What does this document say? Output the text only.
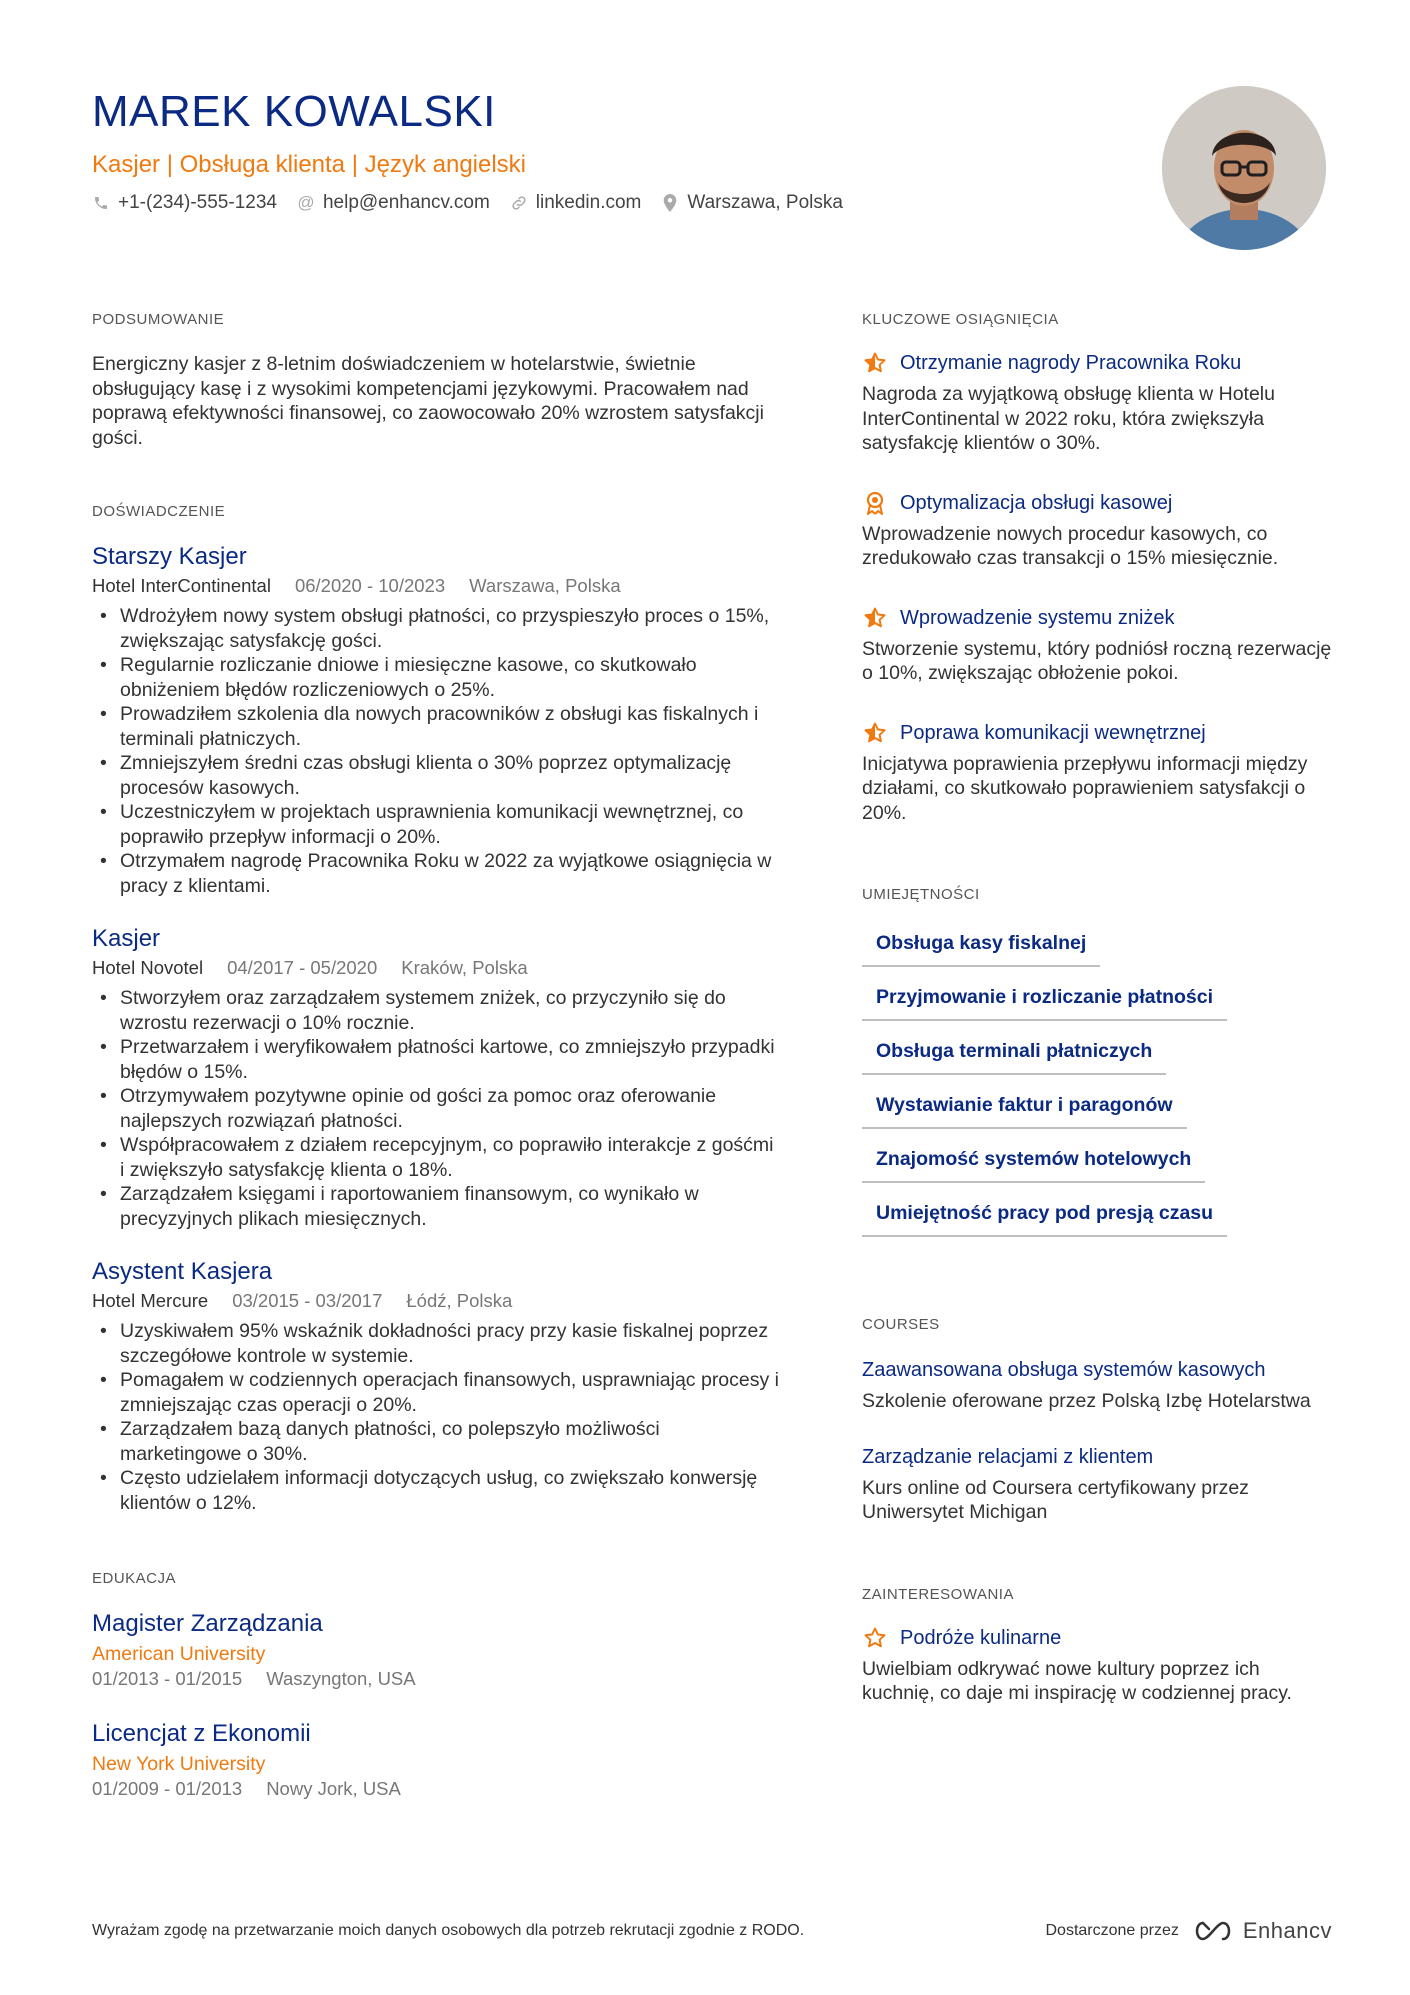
MAREK KOWALSKI
Kasjer | Obsługa klienta | Język angielski
+1-(234)-555-1234 @ help@enhancv.com linkedin.com Warszawa, Polska
PODSUMOWANIE

Energiczny kasjer z 8-letnim doświadczeniem w hotelarstwie, świetnie obsługujący kasę i z wysokimi kompetencjami językowymi. Pracowałem nad poprawą efektywności finansowej, co zaowocowało 20% wzrostem satysfakcji gości.

DOŚWIADCZENIE
Starszy Kasjer
Hotel InterContinental 06/2020 - 10/2023 Warszawa, Polska
• Wdrożyłem nowy system obsługi płatności, co przyspieszyło proces o 15%, zwiększając satysfakcję gości.
• Regularnie rozliczanie dniowe i miesięczne kasowe, co skutkowało obniżeniem błędów rozliczeniowych o 25%.
• Prowadziłem szkolenia dla nowych pracowników z obsługi kas fiskalnych i terminali płatniczych.
• Zmniejszyłem średni czas obsługi klienta o 30% poprzez optymalizację procesów kasowych.
• Uczestniczyłem w projektach usprawnienia komunikacji wewnętrznej, co poprawiło przepływ informacji o 20%.
• Otrzymałem nagrodę Pracownika Roku w 2022 za wyjątkowe osiągnięcia w pracy z klientami.
Kasjer
Hotel Novotel 04/2017 - 05/2020 Kraków, Polska
• Stworzyłem oraz zarządzałem systemem zniżek, co przyczyniło się do wzrostu rezerwacji o 10% rocznie.
• Przetwarzałem i weryfikowałem płatności kartowe, co zmniejszyło przypadki błędów o 15%.
• Otrzymywałem pozytywne opinie od gości za pomoc oraz oferowanie najlepszych rozwiązań płatności.
• Współpracowałem z działem recepcyjnym, co poprawiło interakcje z gośćmi i zwiększyło satysfakcję klienta o 18%.
• Zarządzałem księgami i raportowaniem finansowym, co wynikało w precyzyjnych plikach miesięcznych.
Asystent Kasjera
Hotel Mercure 03/2015 - 03/2017 Łódź, Polska
• Uzyskiwałem 95% wskaźnik dokładności pracy przy kasie fiskalnej poprzez szczegółowe kontrole w systemie.
• Pomagałem w codziennych operacjach finansowych, usprawniając procesy i zmniejszając czas operacji o 20%.
• Zarządzałem bazą danych płatności, co polepszyło możliwości marketingowe o 30%.
• Często udzielałem informacji dotyczących usług, co zwiększało konwersję klientów o 12%.
EDUKACJA
Magister Zarządzania
American University
01/2013 - 01/2015 Waszyngton, USA
Licencjat z Ekonomii
New York University
01/2009 - 01/2013 Nowy Jork, USA
KLUCZOWE OSIĄGNIĘCIA
Otrzymanie nagrody Pracownika Roku
Nagroda za wyjątkową obsługę klienta w Hotelu InterContinental w 2022 roku, która zwiększyła satysfakcję klientów o 30%.
Optymalizacja obsługi kasowej
Wprowadzenie nowych procedur kasowych, co zredukowało czas transakcji o 15% miesięcznie.
Wprowadzenie systemu zniżek
Stworzenie systemu, który podniósł roczną rezerwację o 10%, zwiększając obłożenie pokoi.
Poprawa komunikacji wewnętrznej
Inicjatywa poprawienia przepływu informacji między działami, co skutkowało poprawieniem satysfakcji o 20%.
UMIEJĘTNOŚCI
Obsługa kasy fiskalnej
Przyjmowanie i rozliczanie płatności
Obsługa terminali płatniczych
Wystawianie faktur i paragonów
Znajomość systemów hotelowych
Umiejętność pracy pod presją czasu
COURSES
Zaawansowana obsługa systemów kasowych
Szkolenie oferowane przez Polską Izbę Hotelarstwa
Zarządzanie relacjami z klientem
Kurs online od Coursera certyfikowany przez Uniwersytet Michigan
ZAINTERESOWANIA
Podróże kulinarne
Uwielbiam odkrywać nowe kultury poprzez ich kuchnię, co daje mi inspirację w codziennej pracy.
Wyrażam zgodę na przetwarzanie moich danych osobowych dla potrzeb rekrutacji zgodnie z RODO.	Dostarczone przez	Enhancv
